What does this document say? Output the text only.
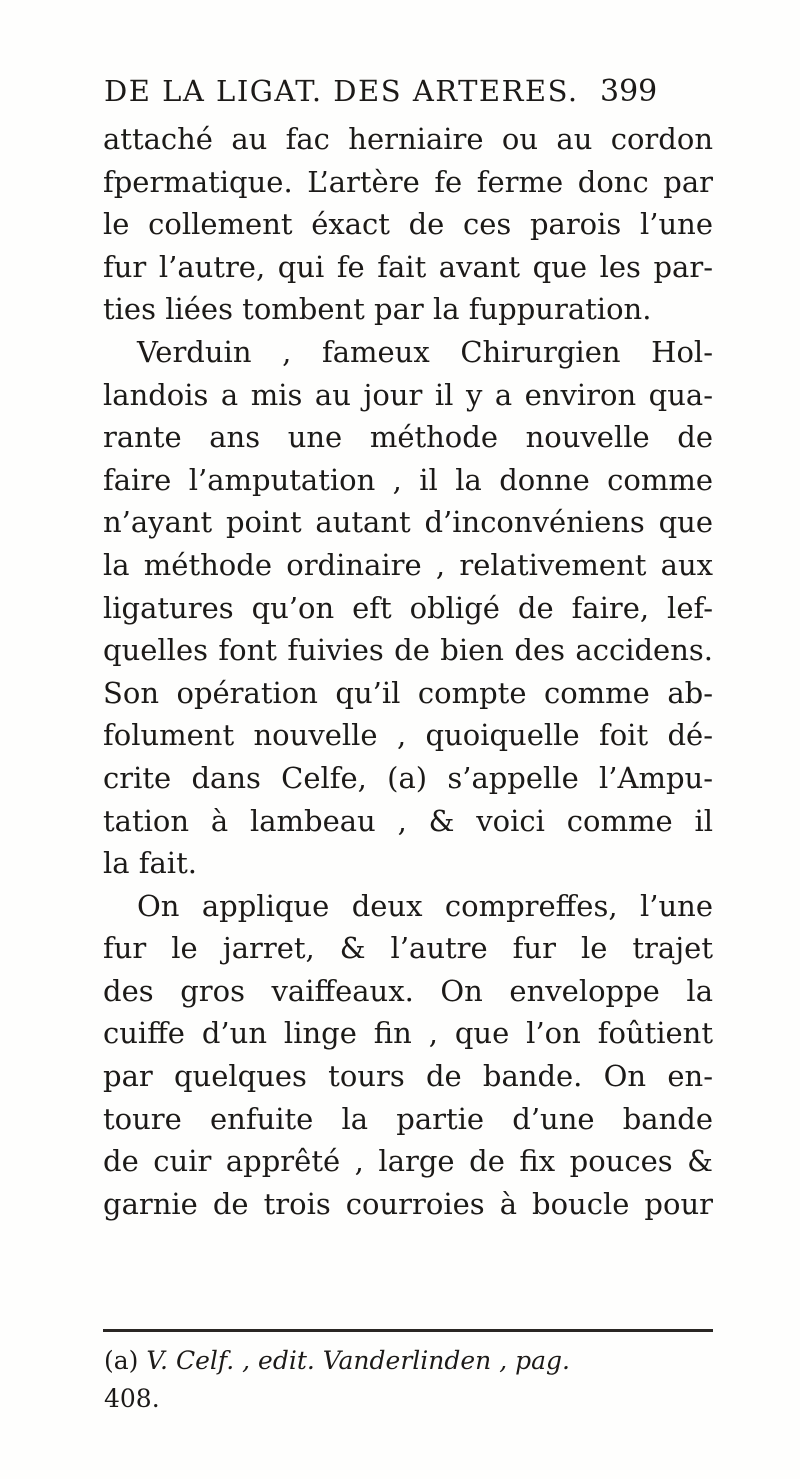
DE LA LIGAT. DES ARTERES. 399
attaché au fac herniaire ou au cordon
fpermatique. L’artère fe ferme donc par
le collement éxact de ces parois l’une
fur l’autre, qui fe fait avant que les par-
ties liées tombent par la fuppuration.
Verduin , fameux Chirurgien Hol-
landois a mis au jour il y a environ qua-
rante ans une méthode nouvelle de
faire l’amputation , il la donne comme
n’ayant point autant d’inconvéniens que
la méthode ordinaire , relativement aux
ligatures qu’on eft obligé de faire, lef-
quelles font fuivies de bien des accidens.
Son opération qu’il compte comme ab-
folument nouvelle , quoiquelle foit dé-
crite dans Celfe, (a) s’appelle l’Ampu-
tation à lambeau , & voici comme il
la fait.
On applique deux compreffes, l’une
fur le jarret, & l’autre fur le trajet
des gros vaiffeaux. On enveloppe la
cuiffe d’un linge fin , que l’on foûtient
par quelques tours de bande. On en-
toure enfuite la partie d’une bande
de cuir apprêté , large de fix pouces &
garnie de trois courroies à boucle pour
(a) V. Celf. , edit. Vanderlinden , pag.
408.
